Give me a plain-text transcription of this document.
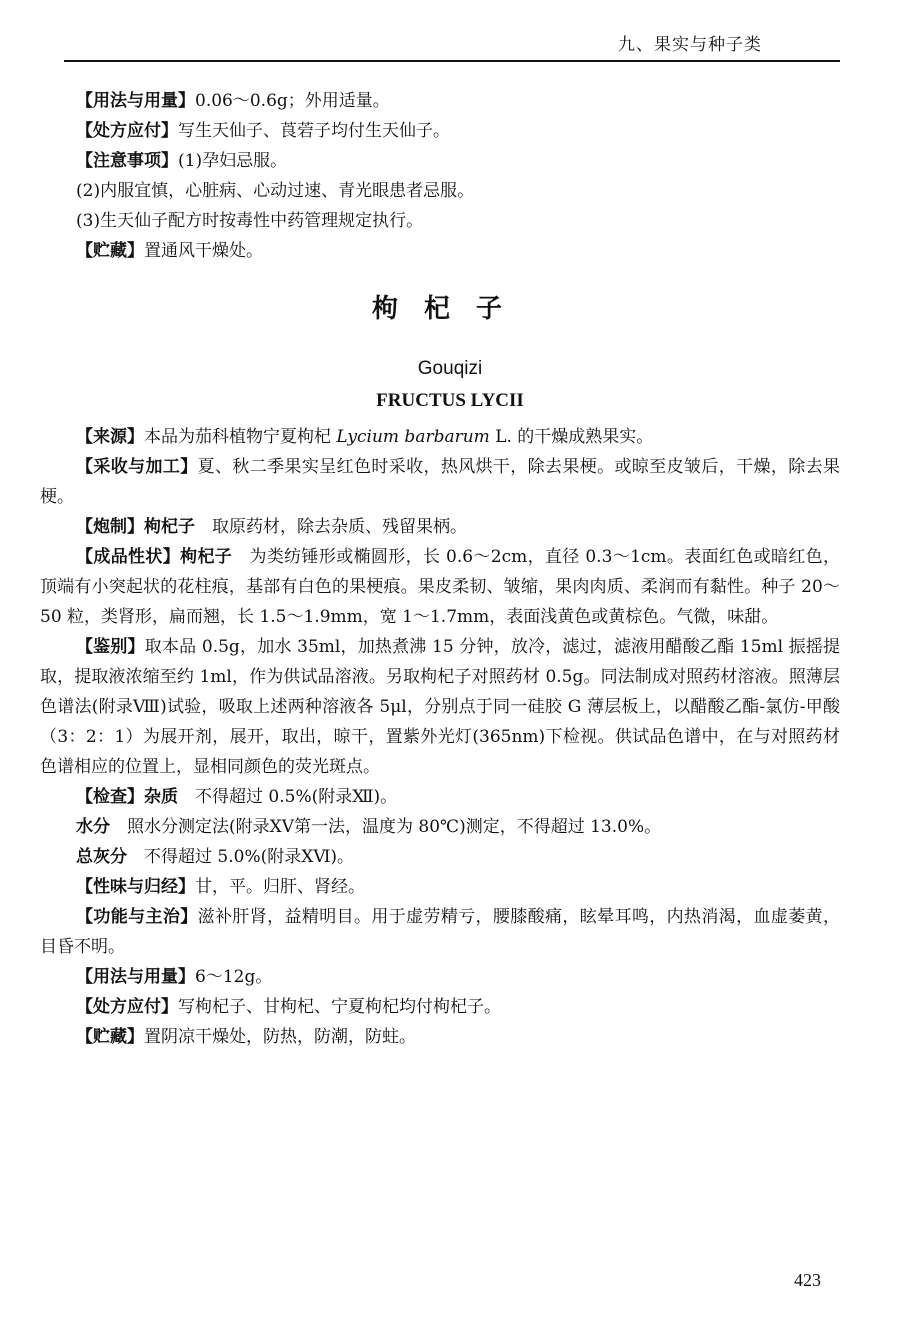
九、果实与种子类

【用法与用量】0.06～0.6g；外用适量。

【处方应付】写生天仙子、莨菪子均付生天仙子。

【注意事项】(1)孕妇忌服。

(2)内服宜慎，心脏病、心动过速、青光眼患者忌服。

(3)生天仙子配方时按毒性中药管理规定执行。

【贮藏】置通风干燥处。

枸杞子
Gouqizi
FRUCTUS LYCII

【来源】本品为茄科植物宁夏枸杞 Lycium barbarum L. 的干燥成熟果实。

【采收与加工】夏、秋二季果实呈红色时采收，热风烘干，除去果梗。或晾至皮皱后，干燥，除去果梗。

【炮制】枸杞子　取原药材，除去杂质、残留果柄。

【成品性状】枸杞子　为类纺锤形或椭圆形，长 0.6～2cm，直径 0.3～1cm。表面红色或暗红色，顶端有小突起状的花柱痕，基部有白色的果梗痕。果皮柔韧、皱缩，果肉肉质、柔润而有黏性。种子 20～50 粒，类肾形，扁而翘，长 1.5～1.9mm，宽 1～1.7mm，表面浅黄色或黄棕色。气微，味甜。

【鉴别】取本品 0.5g，加水 35ml，加热煮沸 15 分钟，放冷，滤过，滤液用醋酸乙酯 15ml 振摇提取，提取液浓缩至约 1ml，作为供试品溶液。另取枸杞子对照药材 0.5g。同法制成对照药材溶液。照薄层色谱法(附录Ⅷ)试验，吸取上述两种溶液各 5μl，分别点于同一硅胶 G 薄层板上，以醋酸乙酯-氯仿-甲酸（3：2：1）为展开剂，展开，取出，晾干，置紫外光灯(365nm)下检视。供试品色谱中，在与对照药材色谱相应的位置上，显相同颜色的荧光斑点。

【检查】杂质　不得超过 0.5%(附录Ⅻ)。

水分　照水分测定法(附录ⅩⅤ第一法，温度为 80℃)测定，不得超过 13.0%。

总灰分　不得超过 5.0%(附录ⅩⅥ)。

【性味与归经】甘，平。归肝、肾经。

【功能与主治】滋补肝肾，益精明目。用于虚劳精亏，腰膝酸痛，眩晕耳鸣，内热消渴，血虚萎黄，目昏不明。

【用法与用量】6～12g。

【处方应付】写枸杞子、甘枸杞、宁夏枸杞均付枸杞子。

【贮藏】置阴凉干燥处，防热，防潮，防蛀。

423
